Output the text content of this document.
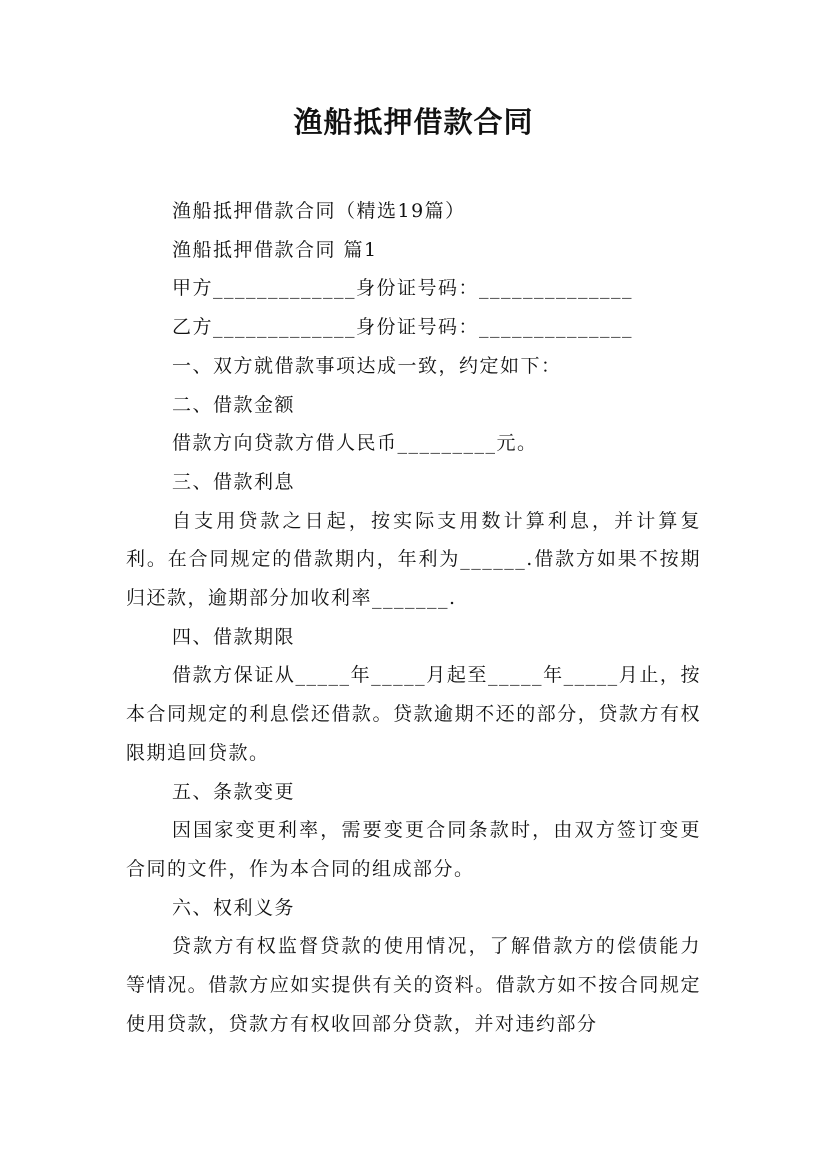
渔船抵押借款合同

渔船抵押借款合同（精选19篇）

渔船抵押借款合同 篇1

甲方_____________身份证号码：______________

乙方_____________身份证号码：______________

一、双方就借款事项达成一致，约定如下：

二、借款金额

借款方向贷款方借人民币_________元。

三、借款利息

自支用贷款之日起，按实际支用数计算利息，并计算复利。在合同规定的借款期内，年利为______.借款方如果不按期归还款，逾期部分加收利率_______.

四、借款期限

借款方保证从_____年_____月起至_____年_____月止，按本合同规定的利息偿还借款。贷款逾期不还的部分，贷款方有权限期追回贷款。

五、条款变更

因国家变更利率，需要变更合同条款时，由双方签订变更合同的文件，作为本合同的组成部分。

六、权利义务

贷款方有权监督贷款的使用情况，了解借款方的偿债能力等情况。借款方应如实提供有关的资料。借款方如不按合同规定使用贷款，贷款方有权收回部分贷款，并对违约部分
